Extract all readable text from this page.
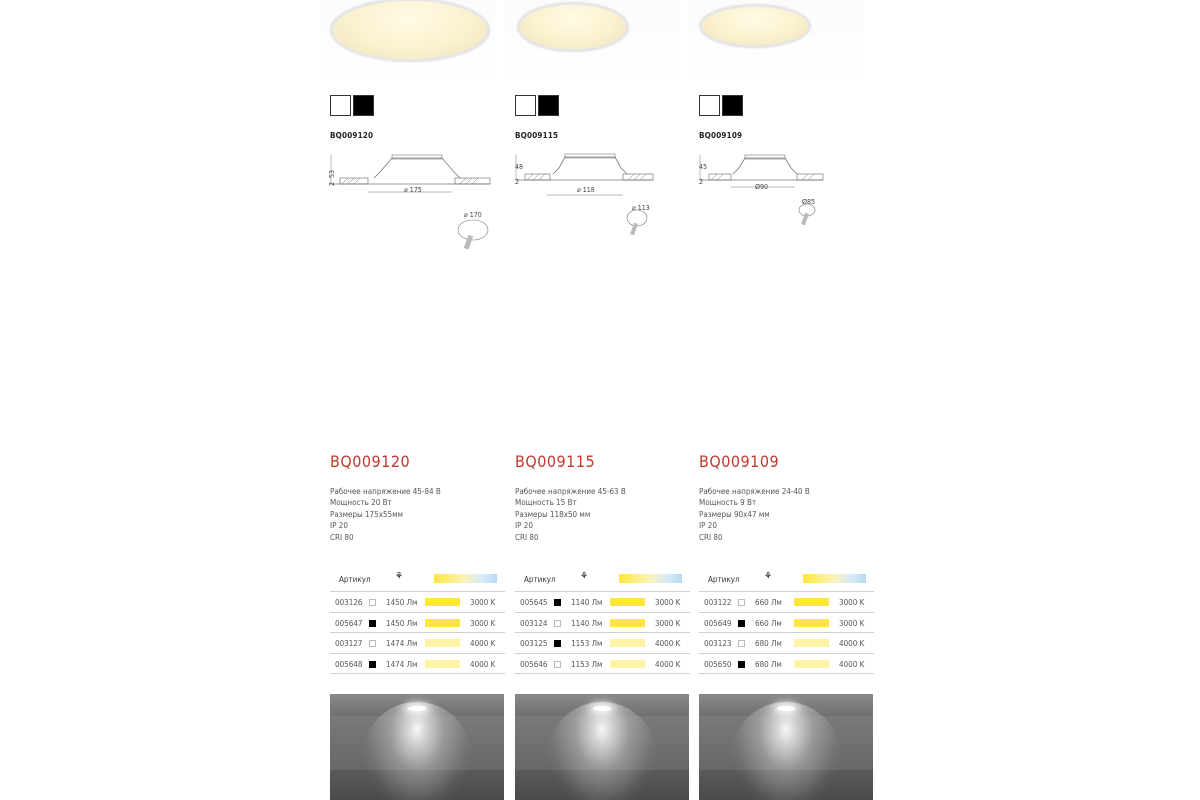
BQ009120
53
2
⌀ 175
⌀ 170
BQ009120
Рабочее напряжение 45-84 В
Мощность 20 Вт
Размеры 175х55мм
IP 20
CRI 80
Артикул ⚘
003126	1450 Лм	3000 K
005647	1450 Лм	3000 K
003127	1474 Лм	4000 K
005648	1474 Лм	4000 K
BQ009115
48
2
⌀ 118
⌀ 113
BQ009115
Рабочее напряжение 45-63 В
Мощность 15 Вт
Размеры 118х50 мм
IP 20
CRI 80
Артикул ⚘
005645	1140 Лм	3000 K
003124	1140 Лм	3000 K
003125	1153 Лм	4000 K
005646	1153 Лм	4000 K
BQ009109
45
2
Ø90
Ø85
BQ009109
Рабочее напряжение 24-40 В
Мощность 9 Вт
Размеры 90х47 мм
IP 20
CRI 80
Артикул ⚘
003122	660 Лм	3000 K
005649	660 Лм	3000 K
003123	680 Лм	4000 K
005650	680 Лм	4000 K
